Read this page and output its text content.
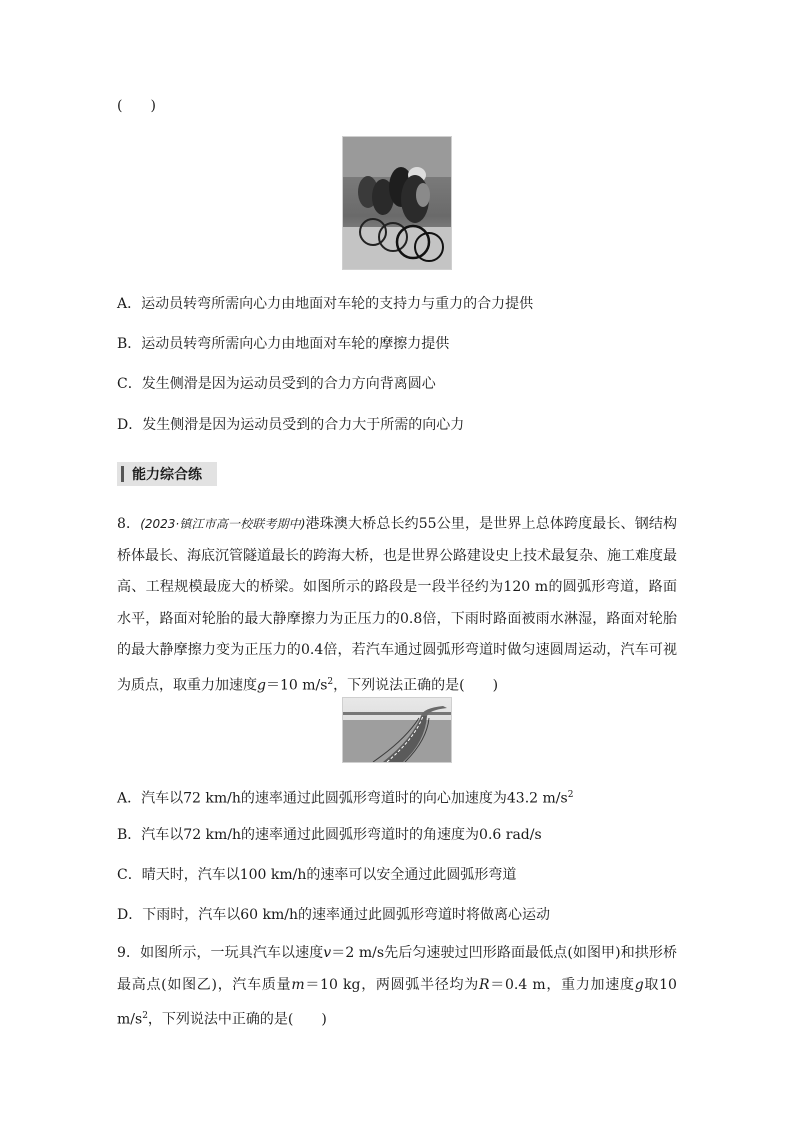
(　　)
A．运动员转弯所需向心力由地面对车轮的支持力与重力的合力提供
B．运动员转弯所需向心力由地面对车轮的摩擦力提供
C．发生侧滑是因为运动员受到的合力方向背离圆心
D．发生侧滑是因为运动员受到的合力大于所需的向心力
能力综合练
8．(2023·镇江市高一校联考期中)港珠澳大桥总长约55公里，是世界上总体跨度最长、钢结构桥体最长、海底沉管隧道最长的跨海大桥，也是世界公路建设史上技术最复杂、施工难度最高、工程规模最庞大的桥梁。如图所示的路段是一段半径约为120 m的圆弧形弯道，路面水平，路面对轮胎的最大静摩擦力为正压力的0.8倍，下雨时路面被雨水淋湿，路面对轮胎的最大静摩擦力变为正压力的0.4倍，若汽车通过圆弧形弯道时做匀速圆周运动，汽车可视为质点，取重力加速度g＝10 $m/s^2$，下列说法正确的是(　　)
A．汽车以72 km/h的速率通过此圆弧形弯道时的向心加速度为43.2 $m/s^2$
B．汽车以72 km/h的速率通过此圆弧形弯道时的角速度为0.6 rad/s
C．晴天时，汽车以100 km/h的速率可以安全通过此圆弧形弯道
D．下雨时，汽车以60 km/h的速率通过此圆弧形弯道时将做离心运动
9．如图所示，一玩具汽车以速度v＝2 m/s先后匀速驶过凹形路面最低点(如图甲)和拱形桥最高点(如图乙)，汽车质量m＝10 kg，两圆弧半径均为R＝0.4 m，重力加速度g取10 $m/s^2$，下列说法中正确的是(　　)
